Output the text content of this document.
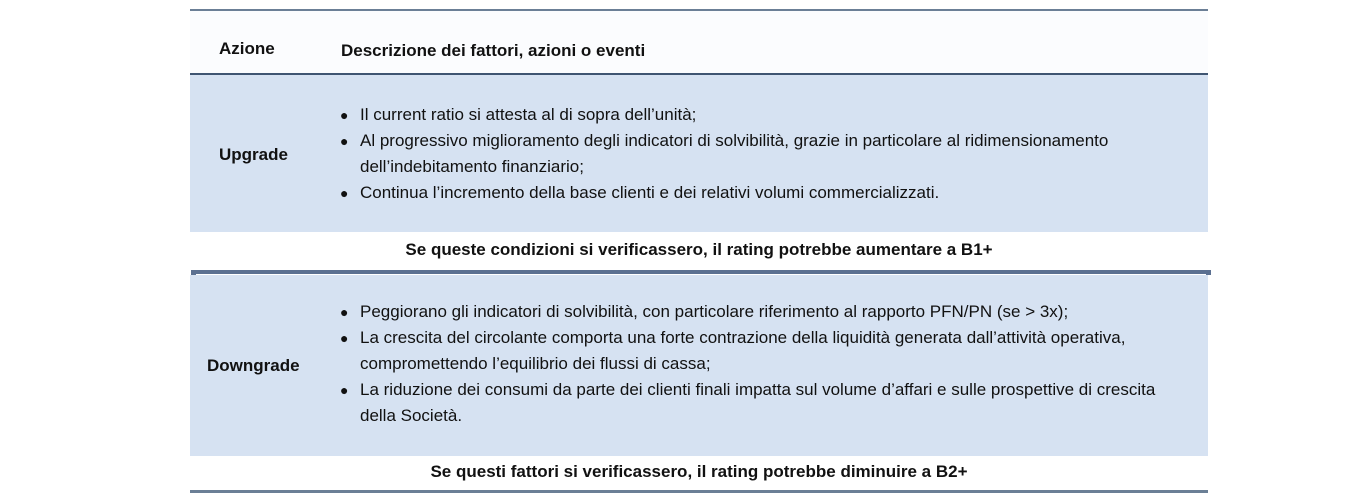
Azione	Descrizione dei fattori, azioni o eventi
Upgrade
● Il current ratio si attesta al di sopra dell’unità;
● Al progressivo miglioramento degli indicatori di solvibilità, grazie in particolare al ridimensionamento dell’indebitamento finanziario;
● Continua l’incremento della base clienti e dei relativi volumi commercializzati.
Se queste condizioni si verificassero, il rating potrebbe aumentare a B1+
Downgrade
● Peggiorano gli indicatori di solvibilità, con particolare riferimento al rapporto PFN/PN (se > 3x);
● La crescita del circolante comporta una forte contrazione della liquidità generata dall’attività operativa, compromettendo l’equilibrio dei flussi di cassa;
● La riduzione dei consumi da parte dei clienti finali impatta sul volume d’affari e sulle prospettive di crescita della Società.
Se questi fattori si verificassero, il rating potrebbe diminuire a B2+
